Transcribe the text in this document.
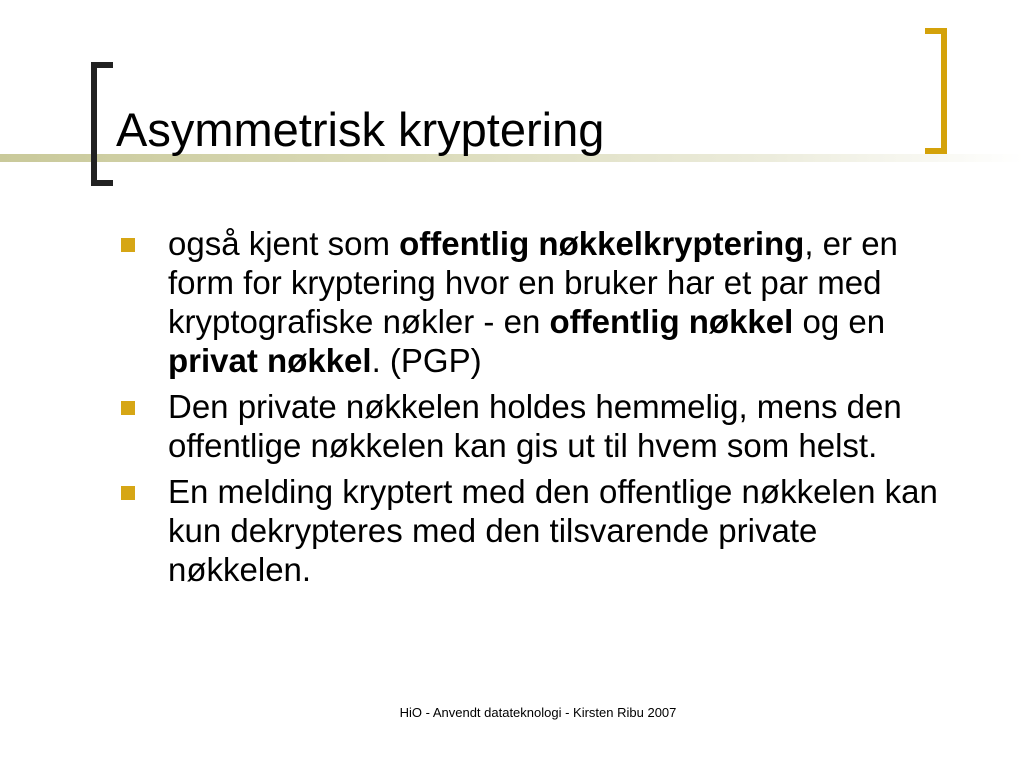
Asymmetrisk kryptering
også kjent som offentlig nøkkelkryptering, er en form for kryptering hvor en bruker har et par med kryptografiske nøkler - en offentlig nøkkel og en privat nøkkel. (PGP)
Den private nøkkelen holdes hemmelig, mens den offentlige nøkkelen kan gis ut til hvem som helst.
En melding kryptert med den offentlige nøkkelen kan kun dekrypteres med den tilsvarende private nøkkelen.
HiO - Anvendt datateknologi - Kirsten Ribu 2007
